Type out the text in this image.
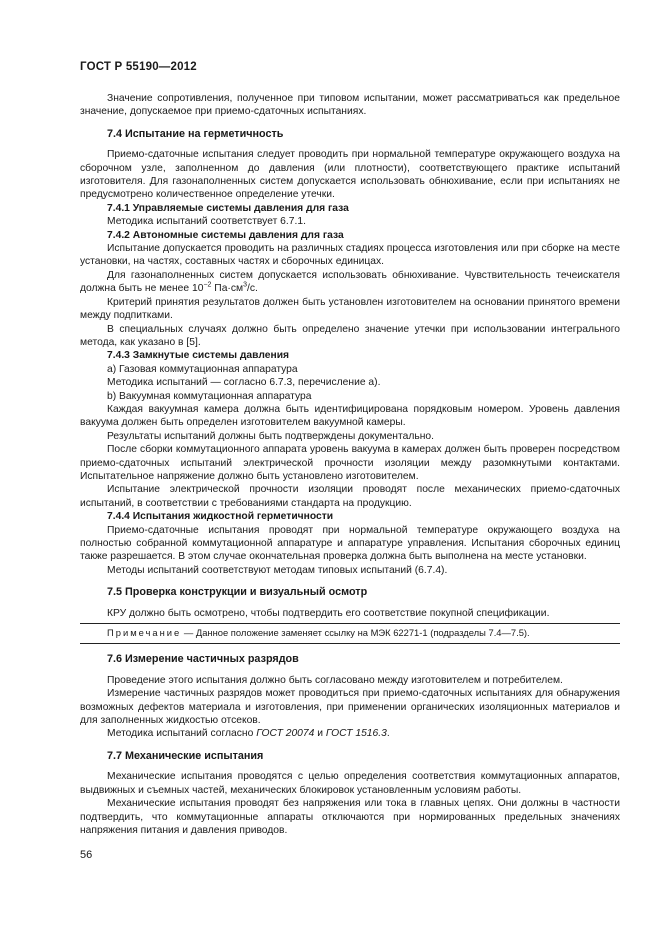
ГОСТ Р 55190—2012

Значение сопротивления, полученное при типовом испытании, может рассматриваться как предельное значение, допускаемое при приемо-сдаточных испытаниях.

7.4 Испытание на герметичность

Приемо-сдаточные испытания следует проводить при нормальной температуре окружающего воздуха на сборочном узле, заполненном до давления (или плотности), соответствующего практике испытаний изготовителя. Для газонаполненных систем допускается использовать обнюхивание, если при испытаниях не предусмотрено количественное определение утечки.

7.4.1 Управляемые системы давления для газа

Методика испытаний соответствует 6.7.1.

7.4.2 Автономные системы давления для газа

Испытание допускается проводить на различных стадиях процесса изготовления или при сборке на месте установки, на частях, составных частях и сборочных единицах.

Для газонаполненных систем допускается использовать обнюхивание. Чувствительность течеискателя должна быть не менее $10^{-2}$ $Па\cdot см^3/с$.

Критерий принятия результатов должен быть установлен изготовителем на основании принятого времени между подпитками.

В специальных случаях должно быть определено значение утечки при использовании интегрального метода, как указано в [5].

7.4.3 Замкнутые системы давления

a) Газовая коммутационная аппаратура

Методика испытаний — согласно 6.7.3, перечисление a).

b) Вакуумная коммутационная аппаратура

Каждая вакуумная камера должна быть идентифицирована порядковым номером. Уровень давления вакуума должен быть определен изготовителем вакуумной камеры.

Результаты испытаний должны быть подтверждены документально.

После сборки коммутационного аппарата уровень вакуума в камерах должен быть проверен посредством приемо-сдаточных испытаний электрической прочности изоляции между разомкнутыми контактами. Испытательное напряжение должно быть установлено изготовителем.

Испытание электрической прочности изоляции проводят после механических приемо-сдаточных испытаний, в соответствии с требованиями стандарта на продукцию.

7.4.4 Испытания жидкостной герметичности

Приемо-сдаточные испытания проводят при нормальной температуре окружающего воздуха на полностью собранной коммутационной аппаратуре и аппаратуре управления. Испытания сборочных единиц также разрешается. В этом случае окончательная проверка должна быть выполнена на месте установки.

Методы испытаний соответствуют методам типовых испытаний (6.7.4).

7.5 Проверка конструкции и визуальный осмотр

КРУ должно быть осмотрено, чтобы подтвердить его соответствие покупной спецификации.

Примечание — Данное положение заменяет ссылку на МЭК 62271-1 (подразделы 7.4—7.5).

7.6 Измерение частичных разрядов

Проведение этого испытания должно быть согласовано между изготовителем и потребителем.

Измерение частичных разрядов может проводиться при приемо-сдаточных испытаниях для обнаружения возможных дефектов материала и изготовления, при применении органических изоляционных материалов и для заполненных жидкостью отсеков.

Методика испытаний согласно ГОСТ 20074 и ГОСТ 1516.3.

7.7 Механические испытания

Механические испытания проводятся с целью определения соответствия коммутационных аппаратов, выдвижных и съемных частей, механических блокировок установленным условиям работы.

Механические испытания проводят без напряжения или тока в главных цепях. Они должны в частности подтвердить, что коммутационные аппараты отключаются при нормированных предельных значениях напряжения питания и давления приводов.

56
